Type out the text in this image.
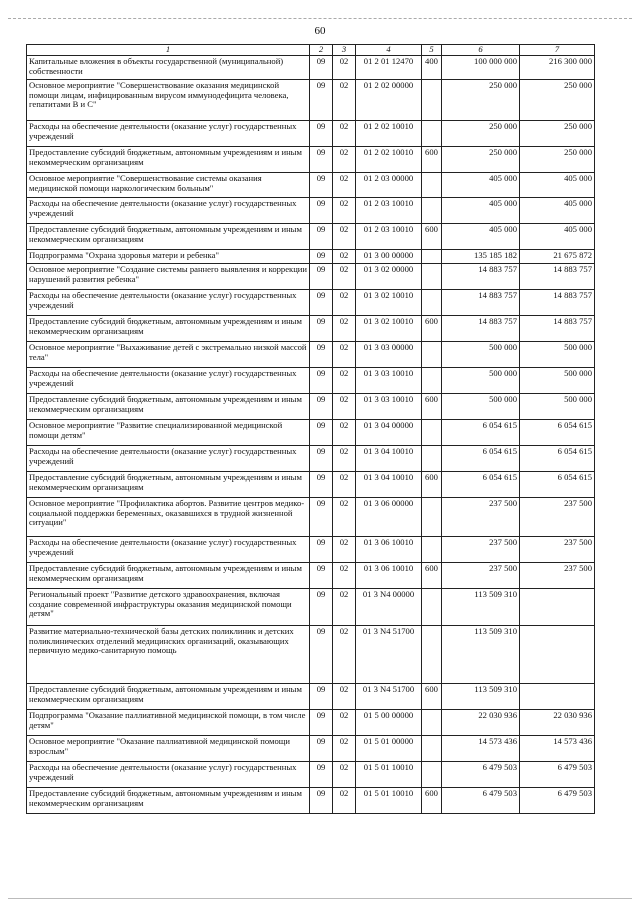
60
1	2	3	4	5	6	7
Капитальные вложения в объекты государственной (муниципальной) собственности	09	02	01 2 01 12470	400	100 000 000	216 300 000
Основное мероприятие "Совершенствование оказания медицинской помощи лицам, инфицированным вирусом иммунодефицита человека, гепатитами В и С"	09	02	01 2 02 00000		250 000	250 000
Расходы на обеспечение деятельности (оказание услуг) государственных учреждений	09	02	01 2 02 10010		250 000	250 000
Предоставление субсидий бюджетным, автономным учреждениям и иным некоммерческим организациям	09	02	01 2 02 10010	600	250 000	250 000
Основное мероприятие "Совершенствование системы оказания медицинской помощи наркологическим больным"	09	02	01 2 03 00000		405 000	405 000
Расходы на обеспечение деятельности (оказание услуг) государственных учреждений	09	02	01 2 03 10010		405 000	405 000
Предоставление субсидий бюджетным, автономным учреждениям и иным некоммерческим организациям	09	02	01 2 03 10010	600	405 000	405 000
Подпрограмма "Охрана здоровья матери и ребенка"	09	02	01 3 00 00000		135 185 182	21 675 872
Основное мероприятие "Создание системы раннего выявления и коррекции нарушений развития ребенка"	09	02	01 3 02 00000		14 883 757	14 883 757
Расходы на обеспечение деятельности (оказание услуг) государственных учреждений	09	02	01 3 02 10010		14 883 757	14 883 757
Предоставление субсидий бюджетным, автономным учреждениям и иным некоммерческим организациям	09	02	01 3 02 10010	600	14 883 757	14 883 757
Основное мероприятие "Выхаживание детей с экстремально низкой массой тела"	09	02	01 3 03 00000		500 000	500 000
Расходы на обеспечение деятельности (оказание услуг) государственных учреждений	09	02	01 3 03 10010		500 000	500 000
Предоставление субсидий бюджетным, автономным учреждениям и иным некоммерческим организациям	09	02	01 3 03 10010	600	500 000	500 000
Основное мероприятие "Развитие специализированной медицинской помощи детям"	09	02	01 3 04 00000		6 054 615	6 054 615
Расходы на обеспечение деятельности (оказание услуг) государственных учреждений	09	02	01 3 04 10010		6 054 615	6 054 615
Предоставление субсидий бюджетным, автономным учреждениям и иным некоммерческим организациям	09	02	01 3 04 10010	600	6 054 615	6 054 615
Основное мероприятие "Профилактика абортов. Развитие центров медико-социальной поддержки беременных, оказавшихся в трудной жизненной ситуации"	09	02	01 3 06 00000		237 500	237 500
Расходы на обеспечение деятельности (оказание услуг) государственных учреждений	09	02	01 3 06 10010		237 500	237 500
Предоставление субсидий бюджетным, автономным учреждениям и иным некоммерческим организациям	09	02	01 3 06 10010	600	237 500	237 500
Региональный проект "Развитие детского здравоохранения, включая создание современной инфраструктуры оказания медицинской помощи детям"	09	02	01 3 N4 00000		113 509 310	
Развитие материально-технической базы детских поликлиник и детских поликлинических отделений медицинских организаций, оказывающих первичную медико-санитарную помощь	09	02	01 3 N4 51700		113 509 310	
Предоставление субсидий бюджетным, автономным учреждениям и иным некоммерческим организациям	09	02	01 3 N4 51700	600	113 509 310	
Подпрограмма "Оказание паллиативной медицинской помощи, в том числе детям"	09	02	01 5 00 00000		22 030 936	22 030 936
Основное мероприятие "Оказание паллиативной медицинской помощи взрослым"	09	02	01 5 01 00000		14 573 436	14 573 436
Расходы на обеспечение деятельности (оказание услуг) государственных учреждений	09	02	01 5 01 10010		6 479 503	6 479 503
Предоставление субсидий бюджетным, автономным учреждениям и иным некоммерческим организациям	09	02	01 5 01 10010	600	6 479 503	6 479 503
